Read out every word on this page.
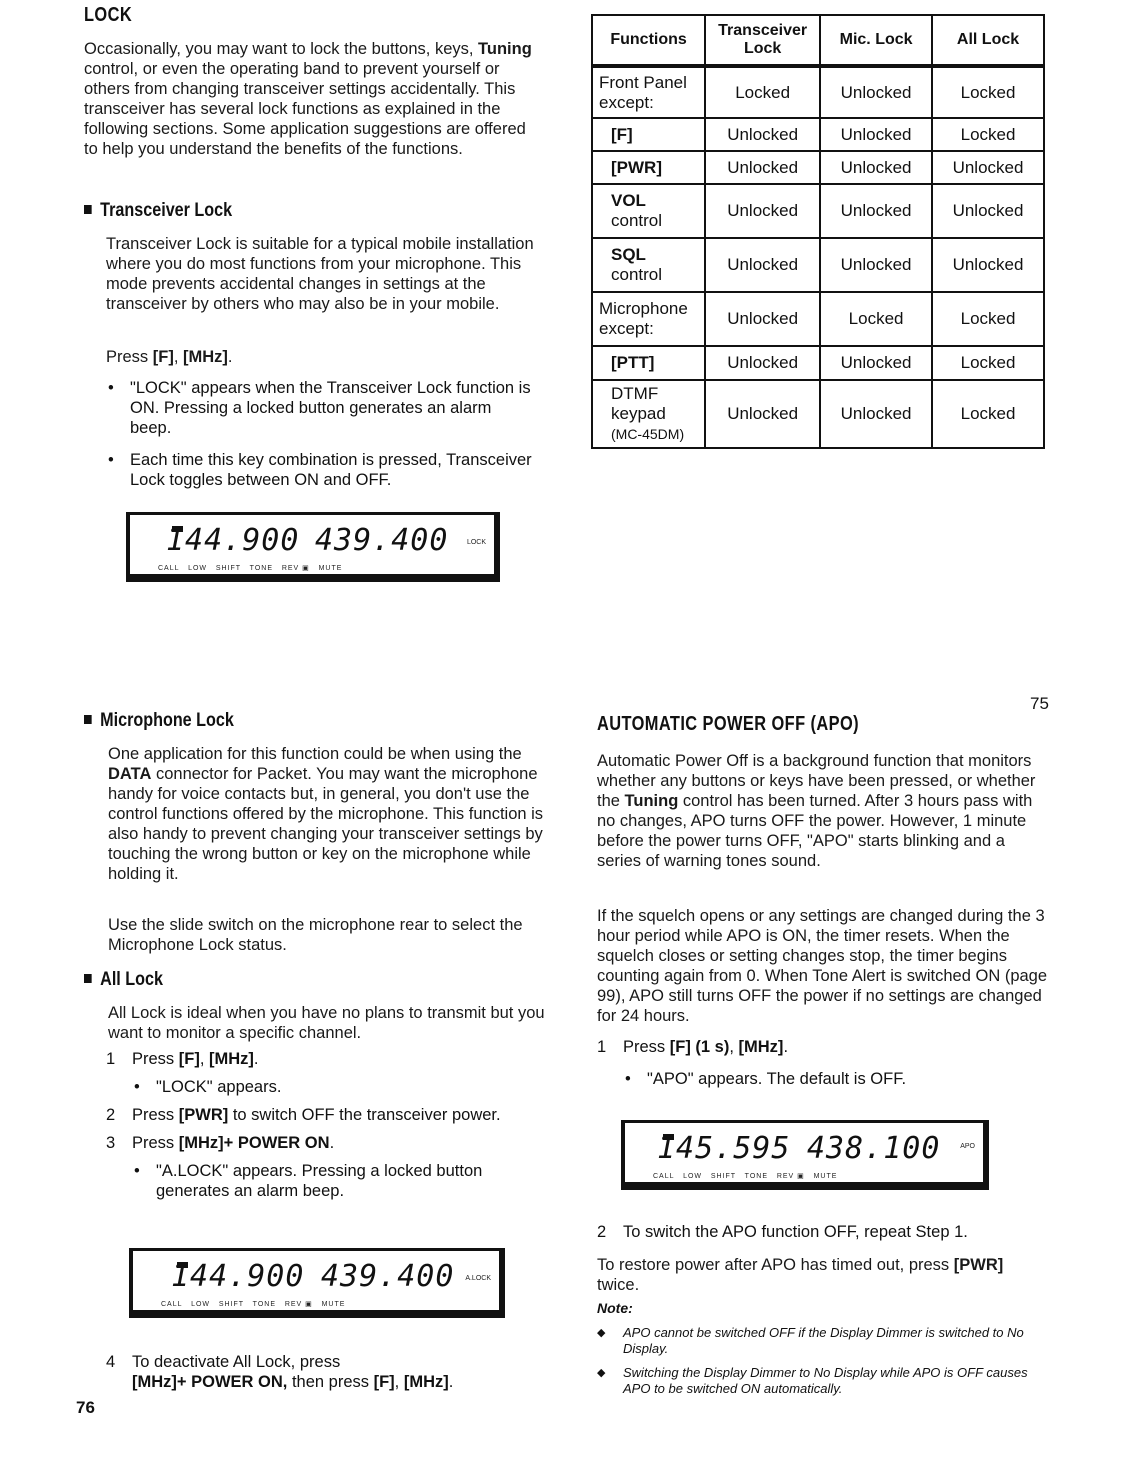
LOCK

Occasionally, you may want to lock the buttons, keys, Tuning control, or even the operating band to prevent yourself or others from changing transceiver settings accidentally. This transceiver has several lock functions as explained in the following sections. Some application suggestions are offered to help you understand the benefits of the functions.

Transceiver Lock

Transceiver Lock is suitable for a typical mobile installation where you do most functions from your microphone. This mode prevents accidental changes in settings at the transceiver by others who may also be in your mobile.

Press [F], [MHz].

• "LOCK" appears when the Transceiver Lock function is ON. Pressing a locked button generates an alarm beep.
• Each time this key combination is pressed, Transceiver Lock toggles between ON and OFF.
144.900 439.400	LOCK
CALL   LOW   SHIFT   TONE   REV ▣   MUTE
Functions	Transceiver Lock	Mic. Lock	All Lock
Front Panel except:	Locked	Unlocked	Locked
[F]	Unlocked	Unlocked	Locked
[PWR]	Unlocked	Unlocked	Unlocked
VOL
control	Unlocked	Unlocked	Unlocked
SQL
control	Unlocked	Unlocked	Unlocked
Microphone except:	Unlocked	Locked	Locked
[PTT]	Unlocked	Unlocked	Locked
DTMF keypad
(MC-45DM)	Unlocked	Unlocked	Locked
Microphone Lock

One application for this function could be when using the DATA connector for Packet. You may want the microphone handy for voice contacts but, in general, you don't use the control functions offered by the microphone. This function is also handy to prevent changing your transceiver settings by touching the wrong button or key on the microphone while holding it.

Use the slide switch on the microphone rear to select the Microphone Lock status.

All Lock

All Lock is ideal when you have no plans to transmit but you want to monitor a specific channel.

1 Press [F], [MHz].
• "LOCK" appears.
2 Press [PWR] to switch OFF the transceiver power.
3 Press [MHz]+ POWER ON.
• "A.LOCK" appears. Pressing a locked button generates an alarm beep.
144.900 439.400 A.LOCK
CALL   LOW   SHIFT   TONE   REV ▣   MUTE
4 To deactivate All Lock, press
[MHz]+ POWER ON, then press [F], [MHz].
76
75
AUTOMATIC POWER OFF (APO)

Automatic Power Off is a background function that monitors whether any buttons or keys have been pressed, or whether the Tuning control has been turned. After 3 hours pass with no changes, APO turns OFF the power. However, 1 minute before the power turns OFF, "APO" starts blinking and a series of warning tones sound.

If the squelch opens or any settings are changed during the 3 hour period while APO is ON, the timer resets. When the squelch closes or setting changes stop, the timer begins counting again from 0. When Tone Alert is switched ON (page 99), APO still turns OFF the power if no settings are changed for 24 hours.

1 Press [F] (1 s), [MHz].
• "APO" appears. The default is OFF.
145.595 438.100	APO
CALL   LOW   SHIFT   TONE   REV ▣   MUTE
2 To switch the APO function OFF, repeat Step 1.

To restore power after APO has timed out, press [PWR] twice.

Note:
◆ APO cannot be switched OFF if the Display Dimmer is switched to No Display.
◆ Switching the Display Dimmer to No Display while APO is OFF causes APO to be switched ON automatically.
